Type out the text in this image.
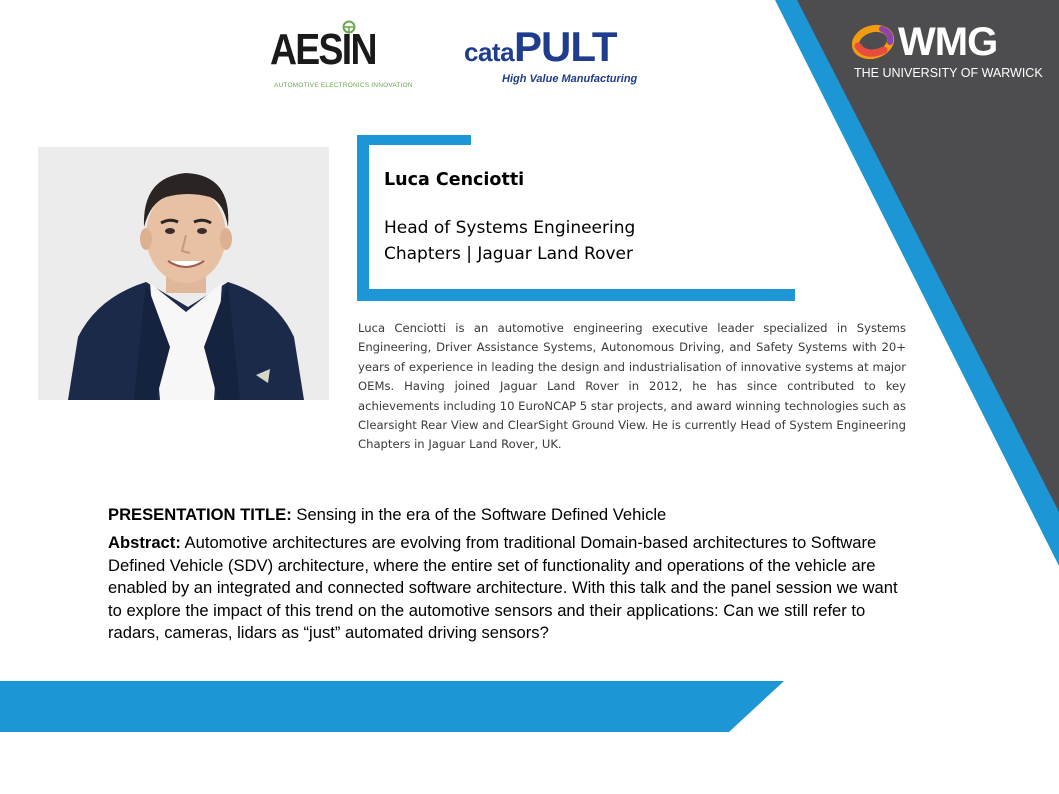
AESIN
AUTOMOTIVE ELECTRONICS INNOVATION
cataPULT
High Value Manufacturing
WMG
THE UNIVERSITY OF WARWICK
Luca Cenciotti
Head of Systems Engineering
Chapters | Jaguar Land Rover
Luca Cenciotti is an automotive engineering executive leader specialized in Systems Engineering, Driver Assistance Systems, Autonomous Driving, and Safety Systems with 20+ years of experience in leading the design and industrialisation of innovative systems at major OEMs. Having joined Jaguar Land Rover in 2012, he has since contributed to key achievements including 10 EuroNCAP 5 star projects, and award winning technologies such as Clearsight Rear View and ClearSight Ground View. He is currently Head of System Engineering Chapters in Jaguar Land Rover, UK.
PRESENTATION TITLE: Sensing in the era of the Software Defined Vehicle
Abstract: Automotive architectures are evolving from traditional Domain-based architectures to Software Defined Vehicle (SDV) architecture, where the entire set of functionality and operations of the vehicle are enabled by an integrated and connected software architecture. With this talk and the panel session we want to explore the impact of this trend on the automotive sensors and their applications: Can we still refer to radars, cameras, lidars as “just” automated driving sensors?
